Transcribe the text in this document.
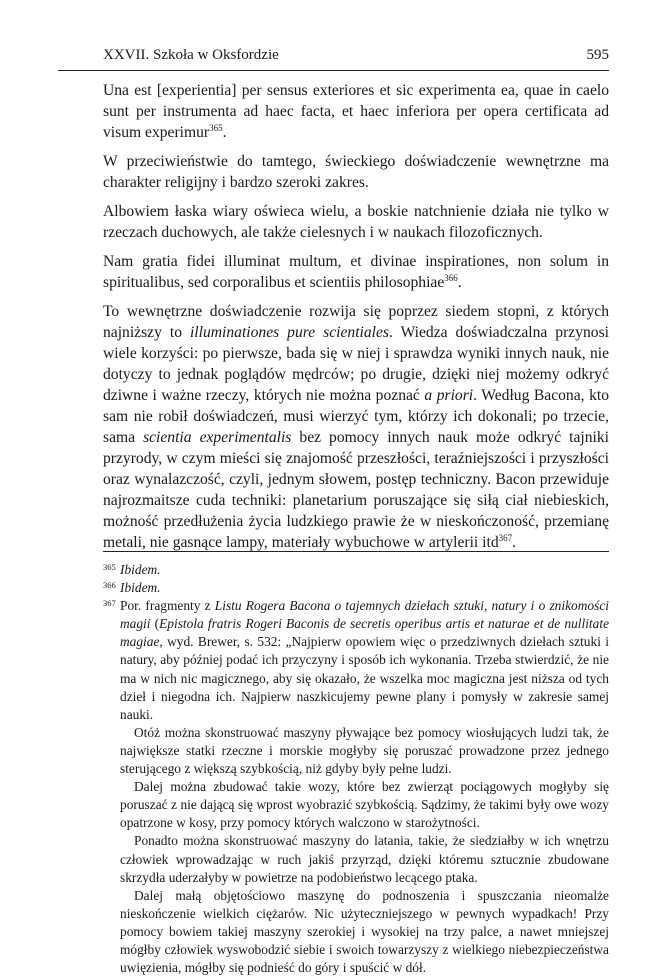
XXVII. Szkoła w Oksfordzie	595

Una est [experientia] per sensus exteriores et sic experimenta ea, quae in caelo sunt per instrumenta ad haec facta, et haec inferiora per opera certificata ad visum experimur$^{365}$.

W przeciwieństwie do tamtego, świeckiego doświadczenie wewnętrzne ma charakter religijny i bardzo szeroki zakres.

Albowiem łaska wiary oświeca wielu, a boskie natchnienie działa nie tylko w rzeczach duchowych, ale także cielesnych i w naukach filozoficznych.

Nam gratia fidei illuminat multum, et divinae inspirationes, non solum in spiritualibus, sed corporalibus et scientiis philosophiae$^{366}$.

To wewnętrzne doświadczenie rozwija się poprzez siedem stopni, z których najniższy to illuminationes pure scientiales. Wiedza doświadczalna przynosi wiele korzyści: po pierwsze, bada się w niej i sprawdza wyniki innych nauk, nie dotyczy to jednak poglądów mędrców; po drugie, dzięki niej możemy odkryć dziwne i ważne rzeczy, których nie można poznać a priori. Według Bacona, kto sam nie robił doświadczeń, musi wierzyć tym, którzy ich dokonali; po trzecie, sama scientia experimentalis bez pomocy innych nauk może odkryć tajniki przyrody, w czym mieści się znajomość przeszłości, teraźniejszości i przyszłości oraz wynalazczość, czyli, jednym słowem, postęp techniczny. Bacon przewiduje najrozmaitsze cuda techniki: planetarium poruszające się siłą ciał niebieskich, możność przedłużenia życia ludzkiego prawie że w nieskończoność, przemianę metali, nie gasnące lampy, materiały wybuchowe w artylerii itd$^{367}$.

365 Ibidem.

366 Ibidem.

367 Por. fragmenty z Listu Rogera Bacona o tajemnych dziełach sztuki, natury i o znikomości magii (Epistola fratris Rogeri Baconis de secretis operibus artis et naturae et de nullitate magiae, wyd. Brewer, s. 532: „Najpierw opowiem więc o przedziwnych dziełach sztuki i natury, aby później podać ich przyczyny i sposób ich wykonania. Trzeba stwierdzić, że nie ma w nich nic magicznego, aby się okazało, że wszelka moc magiczna jest niższa od tych dzieł i niegodna ich. Najpierw naszkicujemy pewne plany i pomysły w zakresie samej nauki.

Otóż można skonstruować maszyny pływające bez pomocy wiosłujących ludzi tak, że największe statki rzeczne i morskie mogłyby się poruszać prowadzone przez jednego sterującego z większą szybkością, niż gdyby były pełne ludzi.

Dalej można zbudować takie wozy, które bez zwierząt pociągowych mogłyby się poruszać z nie dającą się wprost wyobrazić szybkością. Sądzimy, że takimi były owe wozy opatrzone w kosy, przy pomocy których walczono w starożytności.

Ponadto można skonstruować maszyny do latania, takie, że siedziałby w ich wnętrzu człowiek wprowadzając w ruch jakiś przyrząd, dzięki któremu sztucznie zbudowane skrzydła uderzałyby w powietrze na podobieństwo lecącego ptaka.

Dalej małą objętościowo maszynę do podnoszenia i spuszczania nieomalże nieskończenie wielkich ciężarów. Nic użyteczniejszego w pewnych wypadkach! Przy pomocy bowiem takiej maszyny szerokiej i wysokiej na trzy palce, a nawet mniejszej mógłby człowiek wyswobodzić siebie i swoich towarzyszy z wielkiego niebezpieczeństwa uwięzienia, mógłby się podnieść do góry i spuścić w dół.
